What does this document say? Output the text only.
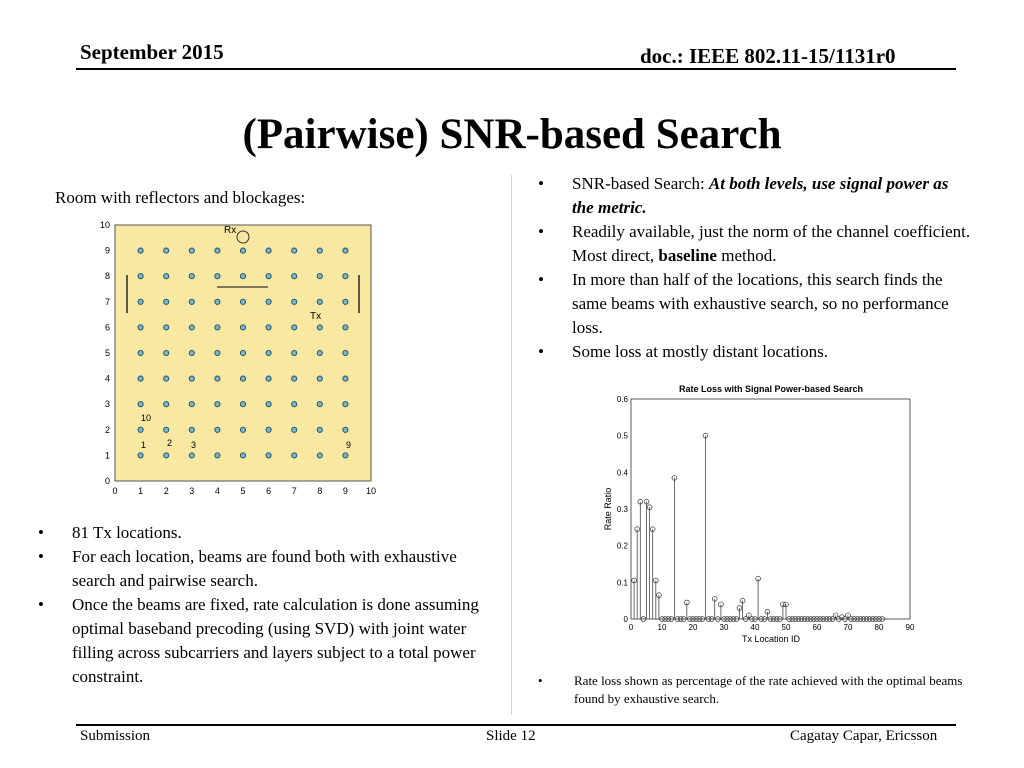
September 2015	doc.: IEEE 802.11-15/1131r0
(Pairwise) SNR-based Search
Room with reflectors and blockages:
0
0
1
1
2
2
3
3
4
4
5
5
6
6
7
7
8
8
9
9
10
10	Rx
Tx
1 2 3	9
10
• SNR-based Search: At both levels, use signal power as the metric.
• Readily available, just the norm of the channel coefficient. Most direct, baseline method.
• In more than half of the locations, this search finds the same beams with exhaustive search, so no performance loss.
• Some loss at mostly distant locations.
• 81 Tx locations.
• For each location, beams are found both with exhaustive search and pairwise search.
• Once the beams are fixed, rate calculation is done assuming optimal baseband precoding (using SVD) with joint water filling across subcarriers and layers subject to a total power constraint.
Rate Loss with Signal Power-based Search
Rate Ratio
Tx Location ID
0	10	20	30	40	50	60	70	80	90
0
0.1
0.2
0.3
0.4
0.5
0.6
• Rate loss shown as percentage of the rate achieved with the optimal beams found by exhaustive search.
Submission	Slide 12	Cagatay Capar, Ericsson
